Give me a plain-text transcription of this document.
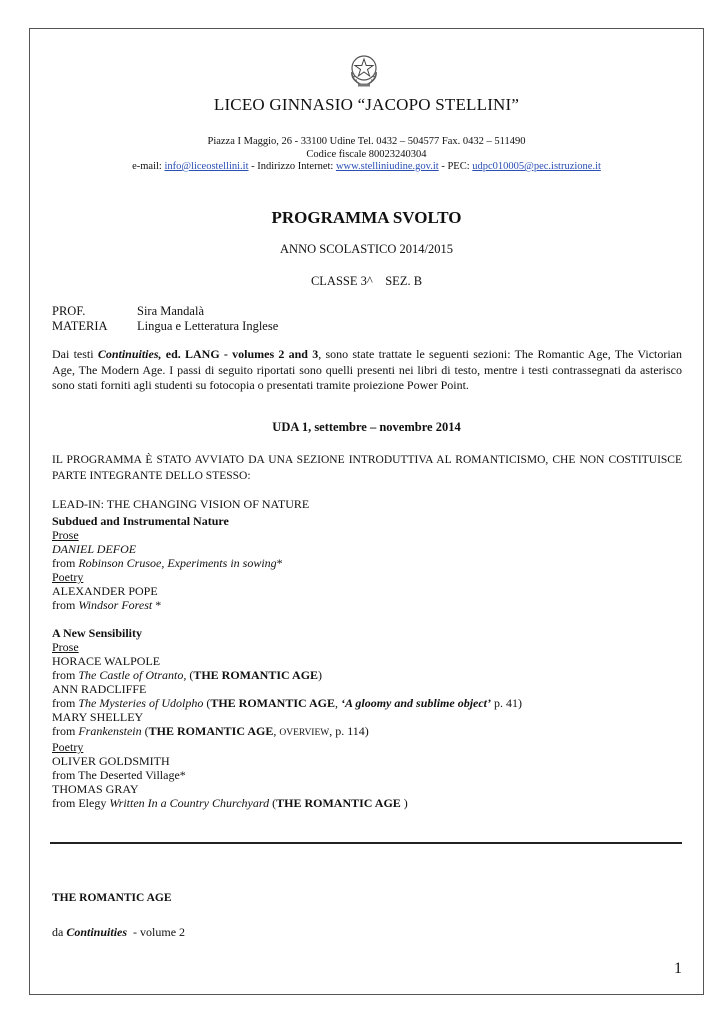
LICEO GINNASIO “JACOPO STELLINI”
Piazza I Maggio, 26 - 33100 Udine Tel. 0432 – 504577 Fax. 0432 – 511490
Codice fiscale 80023240304
e-mail: info@liceostellini.it - Indirizzo Internet: www.stelliniudine.gov.it - PEC: udpc010005@pec.istruzione.it
PROGRAMMA SVOLTO
ANNO SCOLASTICO 2014/2015
CLASSE 3^    SEZ. B
PROF.	Sira Mandalà
MATERIA Lingua e Letteratura Inglese
Dai testi Continuities, ed. LANG - volumes 2 and 3, sono state trattate le seguenti sezioni: The Romantic Age, The Victorian Age, The Modern Age. I passi di seguito riportati sono quelli presenti nei libri di testo, mentre i testi contrassegnati da asterisco sono stati forniti agli studenti su fotocopia o presentati tramite proiezione Power Point.
UDA 1, settembre – novembre 2014
IL PROGRAMMA È STATO AVVIATO DA UNA SEZIONE INTRODUTTIVA AL ROMANTICISMO, CHE NON COSTITUISCE PARTE INTEGRANTE DELLO STESSO:
LEAD-IN: THE CHANGING VISION OF NATURE
Subdued and Instrumental Nature
Prose
DANIEL DEFOE
from Robinson Crusoe, Experiments in sowing*
Poetry
ALEXANDER POPE
from Windsor Forest *
A New Sensibility
Prose
HORACE WALPOLE
from The Castle of Otranto, (THE ROMANTIC AGE)
ANN RADCLIFFE
from The Mysteries of Udolpho (THE ROMANTIC AGE, ‘A gloomy and sublime object’ p. 41)
MARY SHELLEY
from Frankenstein (THE ROMANTIC AGE, OVERVIEW, p. 114)
Poetry
OLIVER GOLDSMITH
from The Deserted Village*
THOMAS GRAY
from Elegy Written In a Country Churchyard (THE ROMANTIC AGE )
THE ROMANTIC AGE
da Continuities  - volume 2
1
